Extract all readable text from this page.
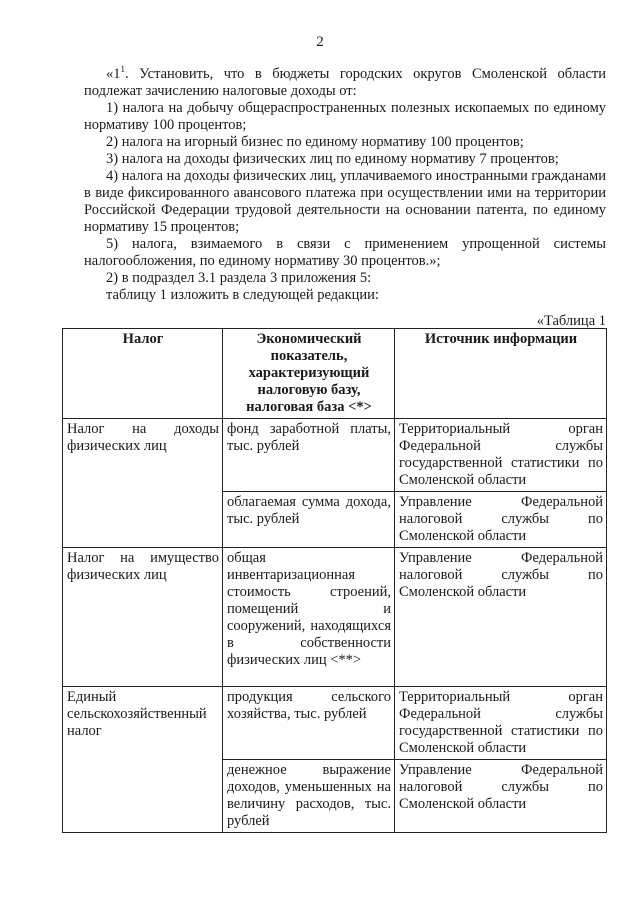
2

«$1^1$. Установить, что в бюджеты городских округов Смоленской области подлежат зачислению налоговые доходы от:

1) налога на добычу общераспространенных полезных ископаемых по единому нормативу 100 процентов;

2) налога на игорный бизнес по единому нормативу 100 процентов;

3) налога на доходы физических лиц по единому нормативу 7 процентов;

4) налога на доходы физических лиц, уплачиваемого иностранными гражданами в виде фиксированного авансового платежа при осуществлении ими на территории Российской Федерации трудовой деятельности на основании патента, по единому нормативу 15 процентов;

5) налога, взимаемого в связи с применением упрощенной системы налогообложения, по единому нормативу 30 процентов.»;

2) в подраздел 3.1 раздела 3 приложения 5:

таблицу 1 изложить в следующей редакции:

«Таблица 1
Налог	Экономический показатель, характеризующий налоговую базу, налоговая база <*>	Источник информации
Налог на доходы физических лиц	фонд заработной платы, тыс. рублей	Территориальный орган Федеральной службы государственной статистики по Смоленской области
	облагаемая сумма дохода, тыс. рублей	Управление Федеральной налоговой службы по Смоленской области
Налог на имущество физических лиц	общая инвентаризационная стоимость строений, помещений и сооружений, находящихся в собственности физических лиц <**>	Управление Федеральной налоговой службы по Смоленской области
Единый сельскохозяйственный налог	продукция сельского хозяйства, тыс. рублей	Территориальный орган Федеральной службы государственной статистики по Смоленской области
	денежное выражение доходов, уменьшенных на величину расходов, тыс. рублей	Управление Федеральной налоговой службы по Смоленской области
